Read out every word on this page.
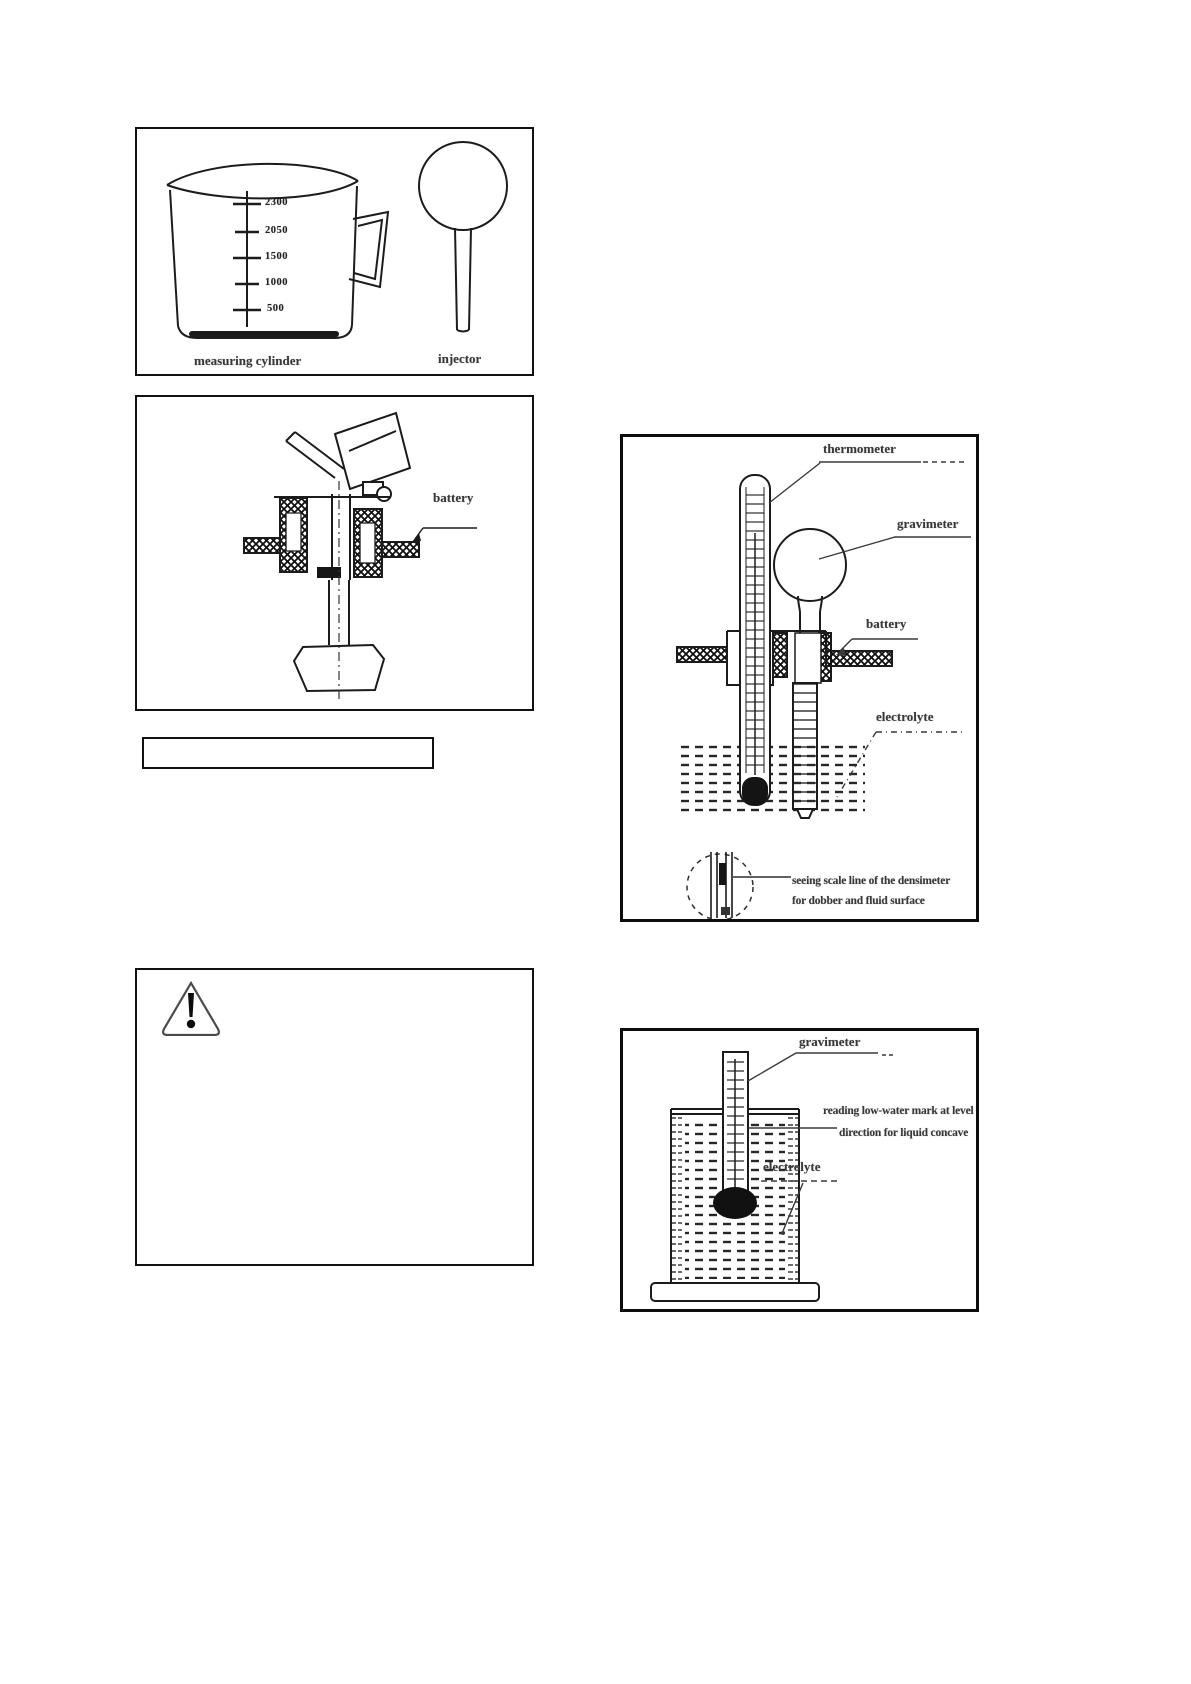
2300
2050
1500
1000
500
measuring cylinder	injector
battery
thermometer
gravimeter
battery
electrolyte
seeing scale line of the densimeter
for dobber and fluid surface
gravimeter
reading low-water mark at level
direction for liquid concave
electrolyte
